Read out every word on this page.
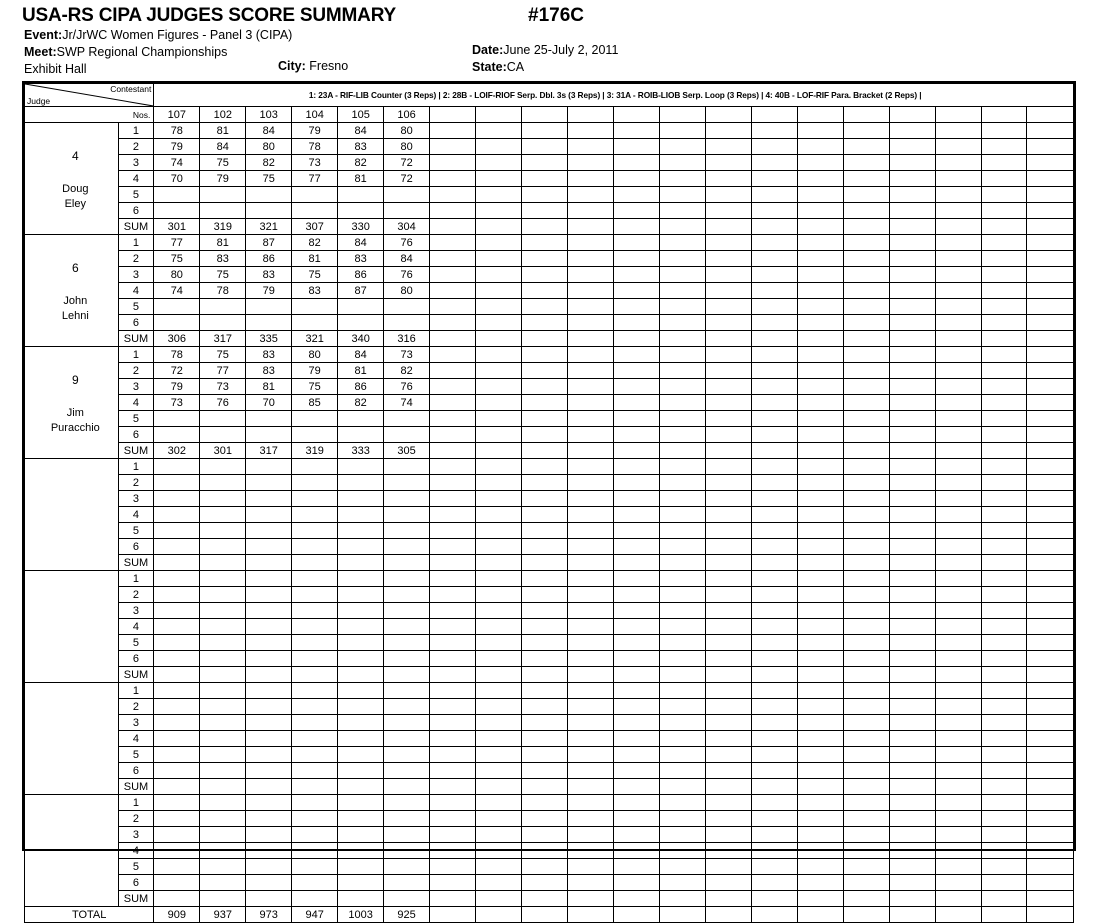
USA-RS CIPA JUDGES SCORE SUMMARY	#176C
Event:Jr/JrWC Women Figures - Panel 3 (CIPA)
Meet:SWP Regional Championships
Exhibit Hall
Date:June 25-July 2, 2011
State:CA
City: Fresno
Contestant
Judge		1: 23A - RIF-LIB Counter (3 Reps) | 2: 28B - LOIF-RIOF Serp. Dbl. 3s (3 Reps) | 3: 31A - ROIB-LIOB Serp. Loop (3 Reps) | 4: 40B - LOF-RIF Para. Bracket (2 Reps) |																			

Nos.		107	102	103	104	105	106														

4
Doug
Eley	1	78	81	84	79	84	80														
	2	79	84	80	78	83	80														
	3	74	75	82	73	82	72														
	4	70	79	75	77	81	72														
	5																				
	6																				
	SUM	301	319	321	307	330	304														

6
John
Lehni	1	77	81	87	82	84	76														
	2	75	83	86	81	83	84														
	3	80	75	83	75	86	76														
	4	74	78	79	83	87	80														
	5																				
	6																				
	SUM	306	317	335	321	340	316														

9
Jim
Puracchio	1	78	75	83	80	84	73														
	2	72	77	83	79	81	82														
	3	79	73	81	75	86	76														
	4	73	76	70	85	82	74														
	5																				
	6																				
	SUM	302	301	317	319	333	305														

	1																				
	2																				
	3																				
	4																				
	5																				
	6																				
	SUM																				

	1																				
	2																				
	3																				
	4																				
	5																				
	6																				
	SUM																				

	1																				
	2																				
	3																				
	4																				
	5																				
	6																				
	SUM																				

	1																				
	2																				
	3																				
	4																				
	5																				
	6																				
	SUM																				
TOTAL		909	937	973	947	1003	925														
